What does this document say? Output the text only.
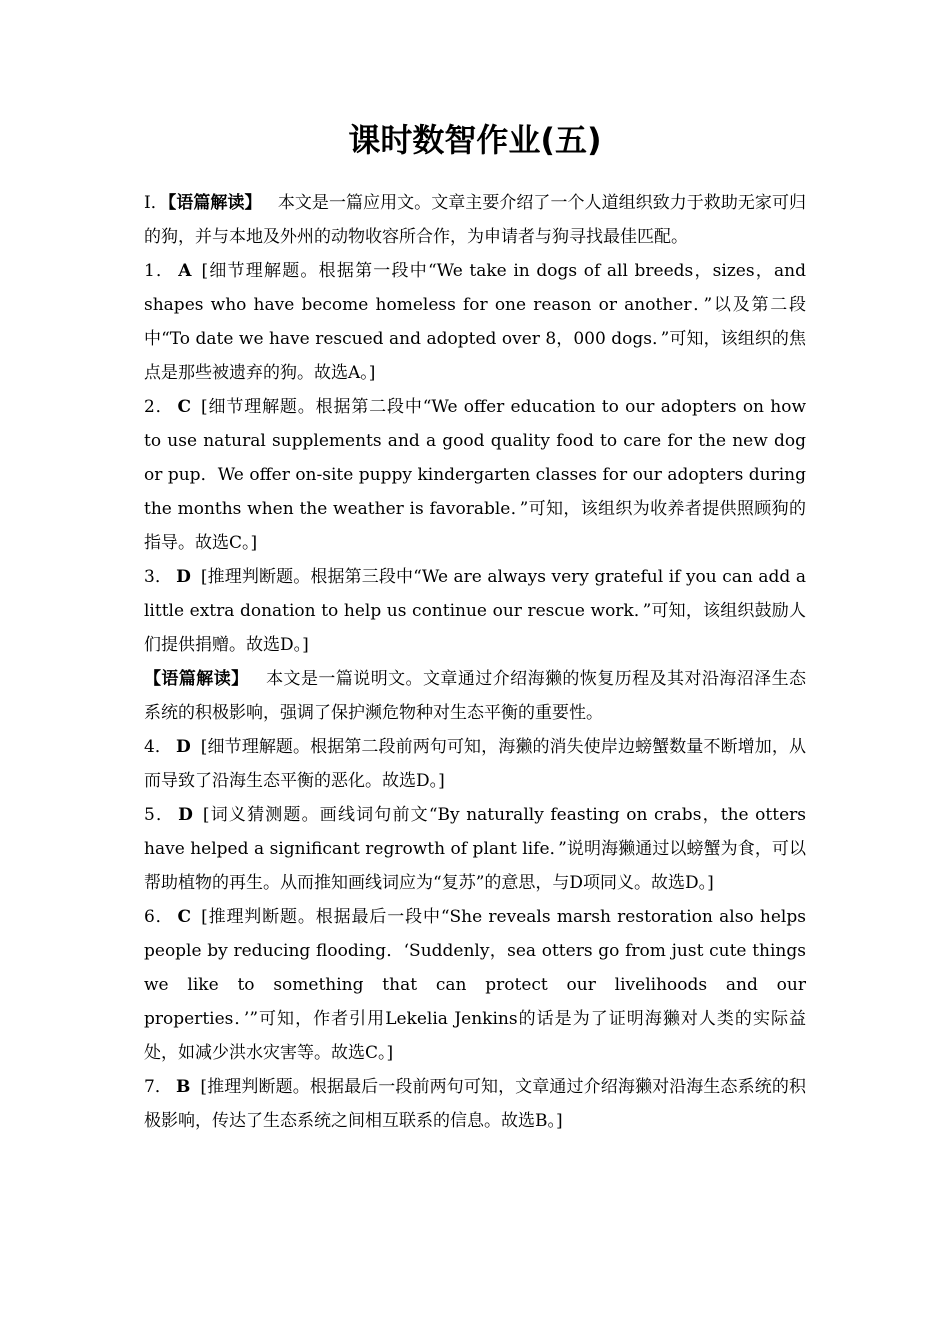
课时数智作业(五)

Ⅰ．【语篇解读】 本文是一篇应用文。文章主要介绍了一个人道组织致力于救助无家可归的狗，并与本地及外州的动物收容所合作，为申请者与狗寻找最佳匹配。

1． A [细节理解题。根据第一段中“We take in dogs of all breeds，sizes，and shapes who have become homeless for one reason or another．”以及第二段中“To date we have rescued and adopted over 8，000 dogs．”可知，该组织的焦点是那些被遗弃的狗。故选A。]

2． C [细节理解题。根据第二段中“We offer education to our adopters on how to use natural supplements and a good quality food to care for the new dog or pup．We offer on-site puppy kindergarten classes for our adopters during the months when the weather is favorable．”可知，该组织为收养者提供照顾狗的指导。故选C。]

3． D [推理判断题。根据第三段中“We are always very grateful if you can add a little extra donation to help us continue our rescue work．”可知，该组织鼓励人们提供捐赠。故选D。]

【语篇解读】 本文是一篇说明文。文章通过介绍海獭的恢复历程及其对沿海沼泽生态系统的积极影响，强调了保护濒危物种对生态平衡的重要性。

4． D [细节理解题。根据第二段前两句可知，海獭的消失使岸边螃蟹数量不断增加，从而导致了沿海生态平衡的恶化。故选D。]

5． D [词义猜测题。画线词句前文“By naturally feasting on crabs，the otters have helped a significant regrowth of plant life．”说明海獭通过以螃蟹为食，可以帮助植物的再生。从而推知画线词应为“复苏”的意思，与D项同义。故选D。]

6． C [推理判断题。根据最后一段中“She reveals marsh restoration also helps people by reducing flooding．‘Suddenly，sea otters go from just cute things we like to something that can protect our livelihoods and our properties．’”可知，作者引用Lekelia Jenkins的话是为了证明海獭对人类的实际益处，如减少洪水灾害等。故选C。]

7． B [推理判断题。根据最后一段前两句可知，文章通过介绍海獭对沿海生态系统的积极影响，传达了生态系统之间相互联系的信息。故选B。]
